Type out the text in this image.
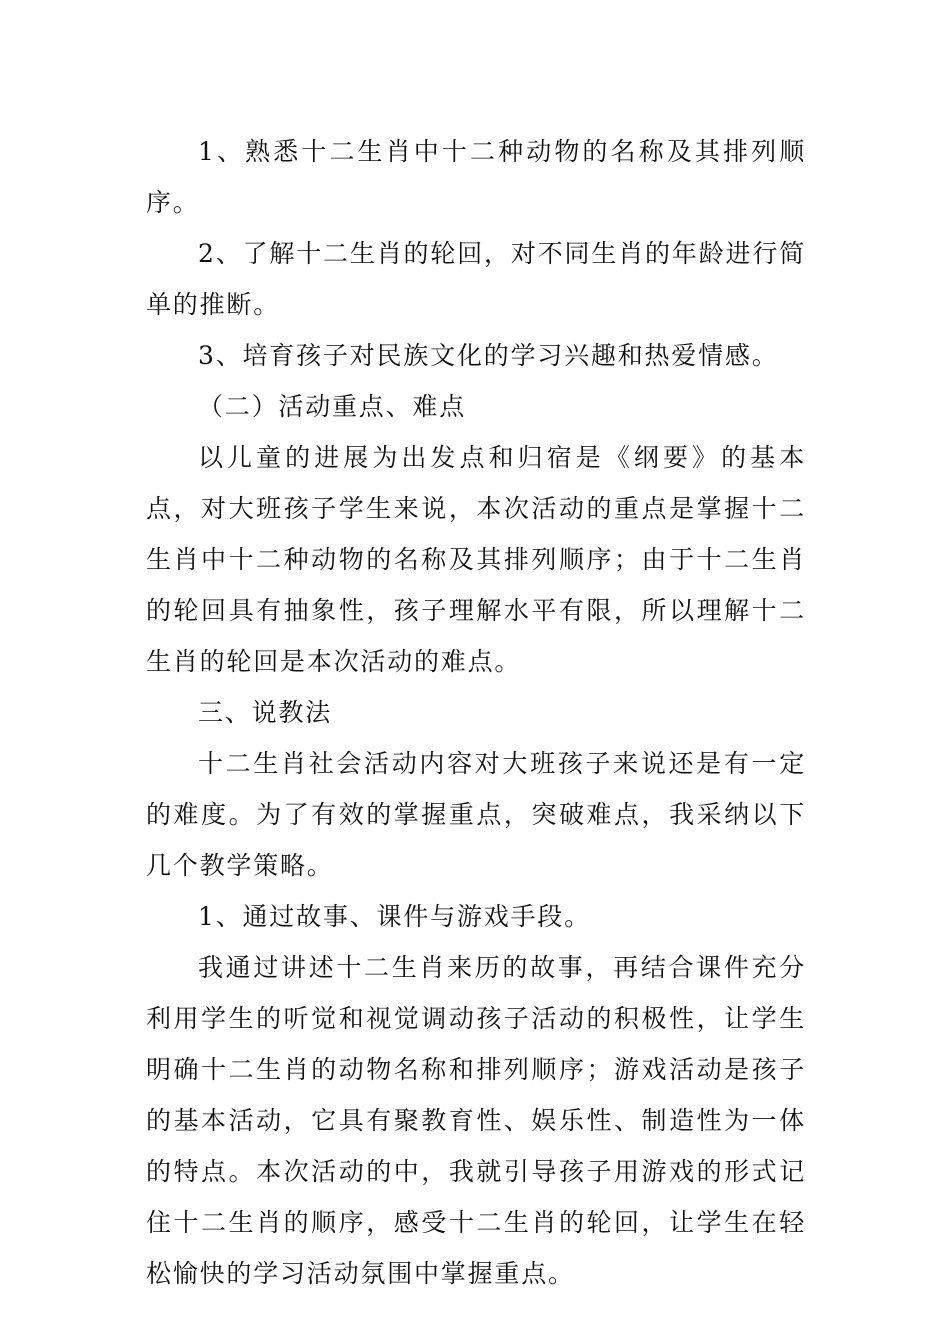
1、熟悉十二生肖中十二种动物的名称及其排列顺序。

2、了解十二生肖的轮回，对不同生肖的年龄进行简单的推断。

3、培育孩子对民族文化的学习兴趣和热爱情感。

（二）活动重点、难点

以儿童的进展为出发点和归宿是《纲要》的基本点，对大班孩子学生来说，本次活动的重点是掌握十二生肖中十二种动物的名称及其排列顺序；由于十二生肖的轮回具有抽象性，孩子理解水平有限，所以理解十二生肖的轮回是本次活动的难点。

三、说教法

十二生肖社会活动内容对大班孩子来说还是有一定的难度。为了有效的掌握重点，突破难点，我采纳以下几个教学策略。

1、通过故事、课件与游戏手段。

我通过讲述十二生肖来历的故事，再结合课件充分利用学生的听觉和视觉调动孩子活动的积极性，让学生明确十二生肖的动物名称和排列顺序；游戏活动是孩子的基本活动，它具有聚教育性、娱乐性、制造性为一体的特点。本次活动的中，我就引导孩子用游戏的形式记住十二生肖的顺序，感受十二生肖的轮回，让学生在轻松愉快的学习活动氛围中掌握重点。
